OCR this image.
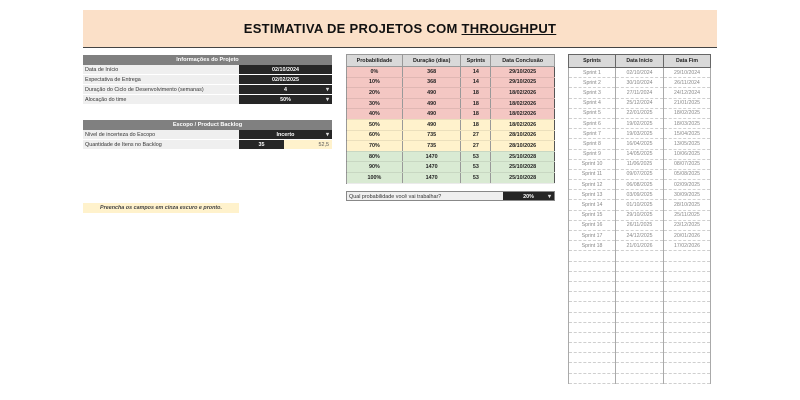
ESTIMATIVA DE PROJETOS COM THROUGHPUT
Informações do Projeto
Data de Início	02/10/2024
Expectativa de Entrega	02/02/2025
Duração do Ciclo de Desenvolvimento (semanas)	4 ▾
Alocação do time	50% ▾
Escopo / Product Backlog
Nível de incerteza do Escopo	Incerto ▾
Quantidade de Itens no Backlog	35	52,5
Preencha os campos em cinza escuro e pronto.
Probabilidade	Duração (dias)	Sprints	Data Conclusão
0%	368	14	29/10/2025
10%	368	14	29/10/2025
20%	490	18	18/02/2026
30%	490	18	18/02/2026
40%	490	18	18/02/2026
50%	490	18	18/02/2026
60%	735	27	28/10/2026
70%	735	27	28/10/2026
80%	1470	53	25/10/2028
90%	1470	53	25/10/2028
100%	1470	53	25/10/2028
Qual probabilidade você vai trabalhar?	20% ▾
Sprints	Data Início	Data Fim
Sprint 1	02/10/2024	29/10/2024
Sprint 2	30/10/2024	26/11/2024
Sprint 3	27/11/2024	24/12/2024
Sprint 4	25/12/2024	21/01/2025
Sprint 5	22/01/2025	18/02/2025
Sprint 6	19/02/2025	18/03/2025
Sprint 7	19/03/2025	15/04/2025
Sprint 8	16/04/2025	13/05/2025
Sprint 9	14/05/2025	10/06/2025
Sprint 10	11/06/2025	08/07/2025
Sprint 11	09/07/2025	05/08/2025
Sprint 12	06/08/2025	02/09/2025
Sprint 13	03/09/2025	30/09/2025
Sprint 14	01/10/2025	28/10/2025
Sprint 15	29/10/2025	25/11/2025
Sprint 16	26/11/2025	23/12/2025
Sprint 17	24/12/2025	20/01/2026
Sprint 18	21/01/2026	17/02/2026
